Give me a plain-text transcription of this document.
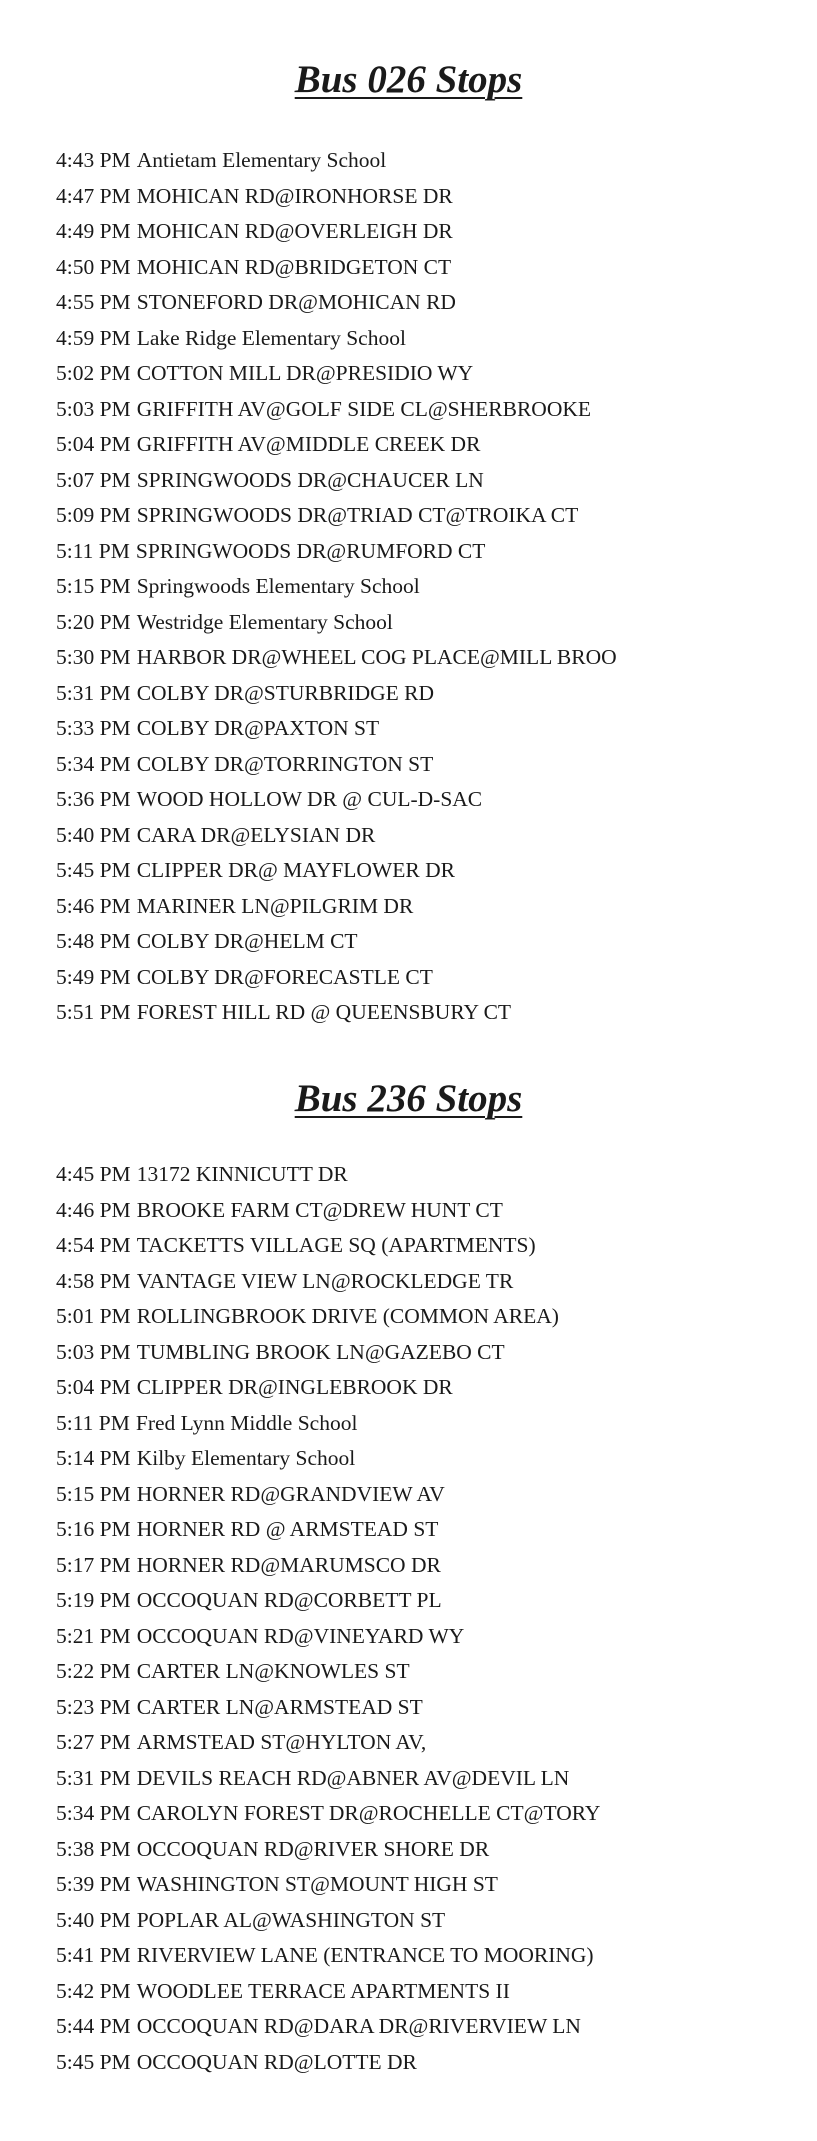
Bus 026 Stops
4:43 PM Antietam Elementary School
4:47 PM MOHICAN RD@IRONHORSE DR
4:49 PM MOHICAN RD@OVERLEIGH DR
4:50 PM MOHICAN RD@BRIDGETON CT
4:55 PM STONEFORD DR@MOHICAN RD
4:59 PM Lake Ridge Elementary School
5:02 PM COTTON MILL DR@PRESIDIO WY
5:03 PM GRIFFITH AV@GOLF SIDE CL@SHERBROOKE
5:04 PM GRIFFITH AV@MIDDLE CREEK DR
5:07 PM SPRINGWOODS DR@CHAUCER LN
5:09 PM SPRINGWOODS DR@TRIAD CT@TROIKA CT
5:11 PM SPRINGWOODS DR@RUMFORD CT
5:15 PM Springwoods Elementary School
5:20 PM Westridge Elementary School
5:30 PM HARBOR DR@WHEEL COG PLACE@MILL BROO
5:31 PM COLBY DR@STURBRIDGE RD
5:33 PM COLBY DR@PAXTON ST
5:34 PM COLBY DR@TORRINGTON ST
5:36 PM WOOD HOLLOW DR @ CUL-D-SAC
5:40 PM CARA DR@ELYSIAN DR
5:45 PM CLIPPER DR@ MAYFLOWER DR
5:46 PM MARINER LN@PILGRIM DR
5:48 PM COLBY DR@HELM CT
5:49 PM COLBY DR@FORECASTLE CT
5:51 PM FOREST HILL RD @ QUEENSBURY CT
Bus 236 Stops
4:45 PM 13172 KINNICUTT DR
4:46 PM BROOKE FARM CT@DREW HUNT CT
4:54 PM TACKETTS VILLAGE SQ (APARTMENTS)
4:58 PM VANTAGE VIEW LN@ROCKLEDGE TR
5:01 PM ROLLINGBROOK DRIVE (COMMON AREA)
5:03 PM TUMBLING BROOK LN@GAZEBO CT
5:04 PM CLIPPER DR@INGLEBROOK DR
5:11 PM Fred Lynn Middle School
5:14 PM Kilby Elementary School
5:15 PM HORNER RD@GRANDVIEW AV
5:16 PM HORNER RD @ ARMSTEAD ST
5:17 PM HORNER RD@MARUMSCO DR
5:19 PM OCCOQUAN RD@CORBETT PL
5:21 PM OCCOQUAN RD@VINEYARD WY
5:22 PM CARTER LN@KNOWLES ST
5:23 PM CARTER LN@ARMSTEAD ST
5:27 PM ARMSTEAD ST@HYLTON AV,
5:31 PM DEVILS REACH RD@ABNER AV@DEVIL LN
5:34 PM CAROLYN FOREST DR@ROCHELLE CT@TORY
5:38 PM OCCOQUAN RD@RIVER SHORE DR
5:39 PM WASHINGTON ST@MOUNT HIGH ST
5:40 PM POPLAR AL@WASHINGTON ST
5:41 PM RIVERVIEW LANE (ENTRANCE TO MOORING)
5:42 PM WOODLEE TERRACE APARTMENTS II
5:44 PM OCCOQUAN RD@DARA DR@RIVERVIEW LN
5:45 PM OCCOQUAN RD@LOTTE DR
